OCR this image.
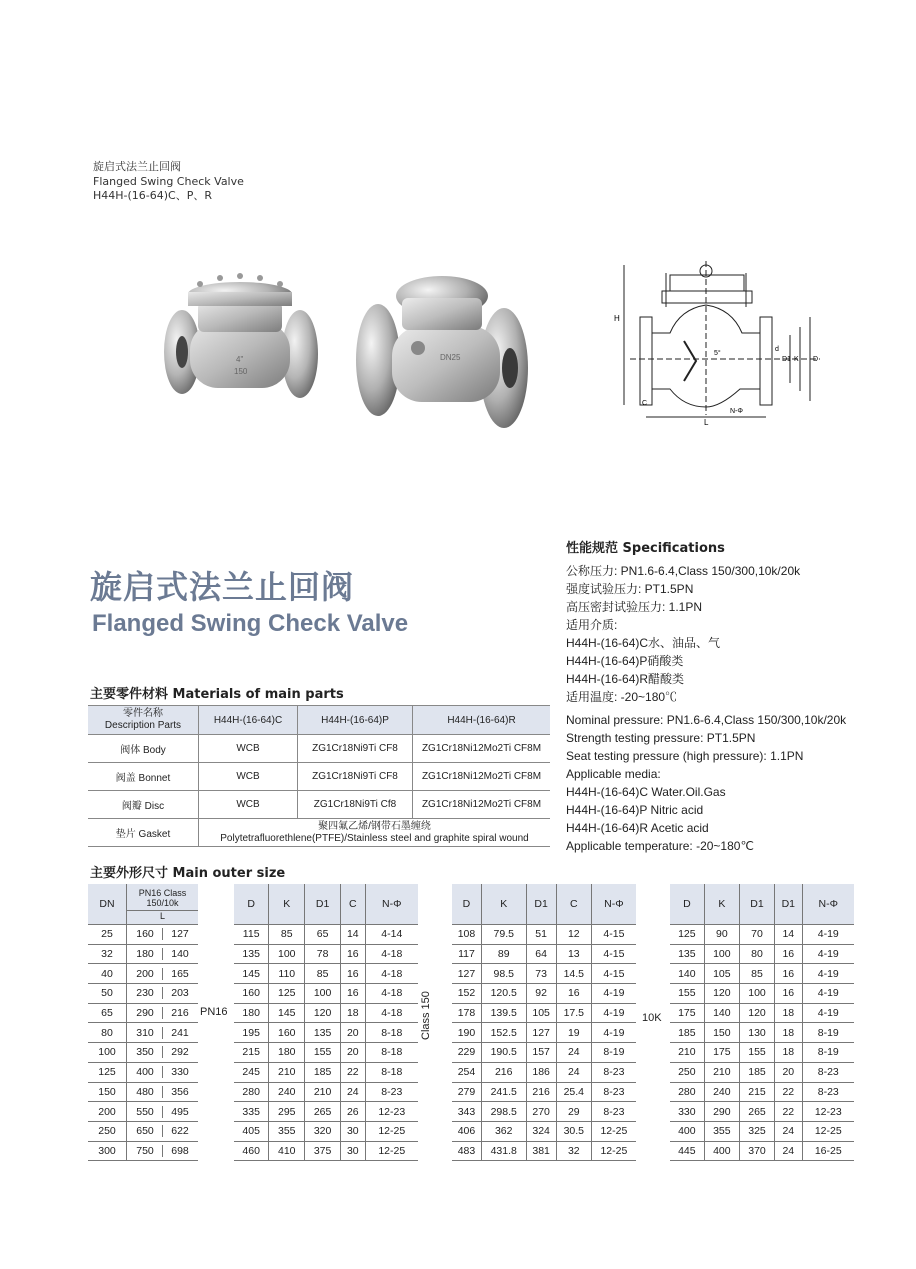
旋启式法兰止回阀
Flanged Swing Check Valve
H44H-(16-64)C、P、R
4"
150
DN25
H
L
D1 K D
d
C
N-Φ
5°
旋启式法兰止回阀
Flanged Swing Check Valve
性能规范 Specifications
公称压力: PN1.6-6.4,Class 150/300,10k/20k
强度试验压力: PT1.5PN
高压密封试验压力: 1.1PN
适用介质:
H44H-(16-64)C水、油品、气
H44H-(16-64)P硝酸类
H44H-(16-64)R醋酸类
适用温度: -20~180℃
Nominal pressure: PN1.6-6.4,Class 150/300,10k/20k
Strength testing pressure: PT1.5PN
Seat testing pressure (high pressure): 1.1PN
Applicable media:
H44H-(16-64)C Water.Oil.Gas
H44H-(16-64)P Nitric acid
H44H-(16-64)R Acetic acid
Applicable temperature: -20~180℃
主要零件材料 Materials of main parts
零件名称
Description Parts	H44H-(16-64)C	H44H-(16-64)P	H44H-(16-64)R
阀体 Body	WCB	ZG1Cr18Ni9Ti CF8	ZG1Cr18Ni12Mo2Ti CF8M
阀盖 Bonnet	WCB	ZG1Cr18Ni9Ti CF8	ZG1Cr18Ni12Mo2Ti CF8M
阀瓣 Disc	WCB	ZG1Cr18Ni9Ti Cf8	ZG1Cr18Ni12Mo2Ti CF8M
垫片 Gasket	聚四氟乙烯/钢带石墨缠绕
Polytetrafluorethlene(PTFE)/Stainless steel and graphite spiral wound		
主要外形尺寸 Main outer size
DN	PN16 Class 150/10k
L

25	160 127
32	180 140
40	200 165
50	230 203
65	290 216
80	310 241
100	350 292
125	400 330
150	480 356
200	550 495
250	650 622
300	750 698
PN16
D	K	D1	C	N-Φ
115	85	65	14	4-14
135	100	78	16	4-18
145	110	85	16	4-18
160	125	100	16	4-18
180	145	120	18	4-18
195	160	135	20	8-18
215	180	155	20	8-18
245	210	185	22	8-18
280	240	210	24	8-23
335	295	265	26	12-23
405	355	320	30	12-25
460	410	375	30	12-25
Class 150
D	K	D1	C	N-Φ
108	79.5	51	12	4-15
117	89	64	13	4-15
127	98.5	73	14.5	4-15
152	120.5	92	16	4-19
178	139.5	105	17.5	4-19
190	152.5	127	19	4-19
229	190.5	157	24	8-19
254	216	186	24	8-23
279	241.5	216	25.4	8-23
343	298.5	270	29	8-23
406	362	324	30.5	12-25
483	431.8	381	32	12-25
10K
D	K	D1	D1	N-Φ
125	90	70	14	4-19
135	100	80	16	4-19
140	105	85	16	4-19
155	120	100	16	4-19
175	140	120	18	4-19
185	150	130	18	8-19
210	175	155	18	8-19
250	210	185	20	8-23
280	240	215	22	8-23
330	290	265	22	12-23
400	355	325	24	12-25
445	400	370	24	16-25
